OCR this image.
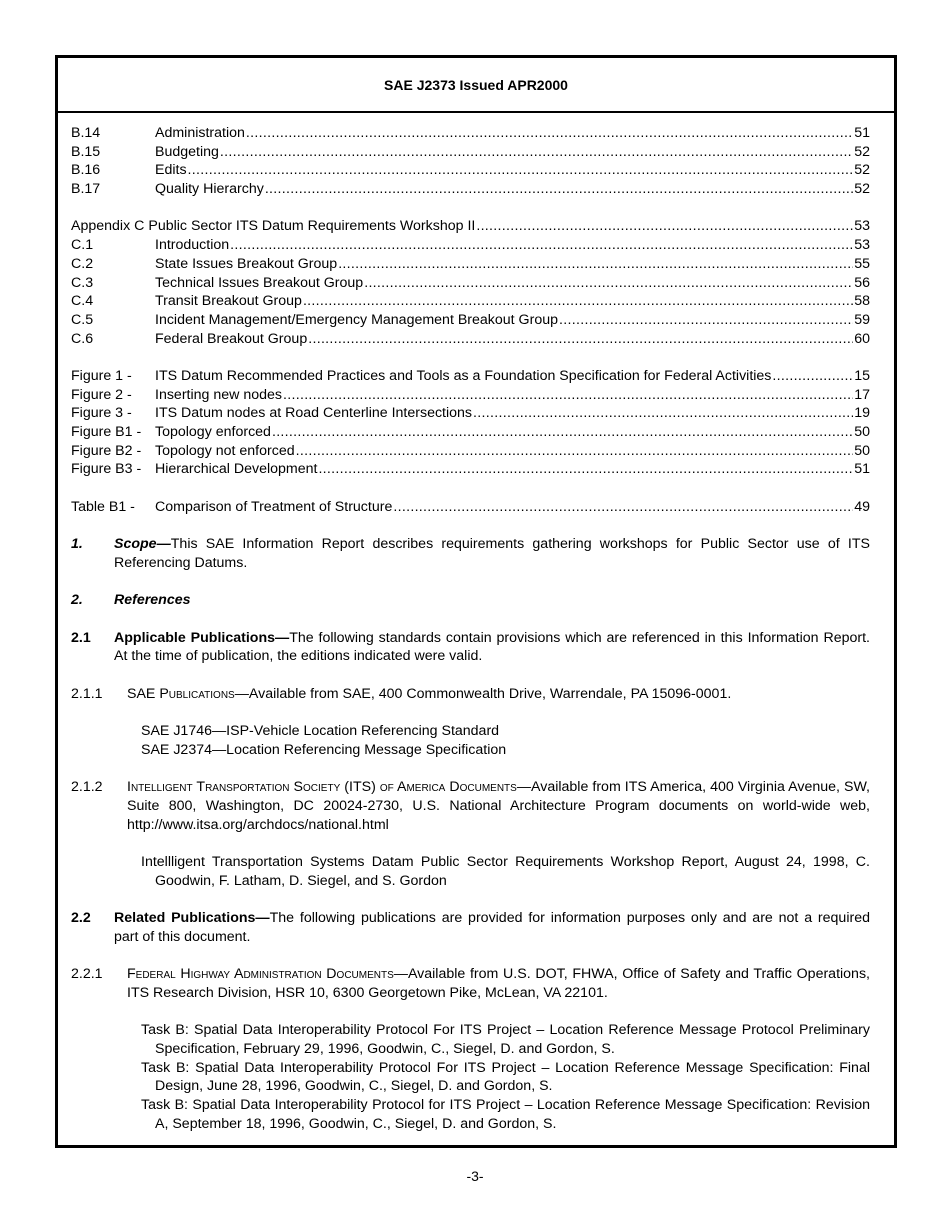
SAE J2373 Issued APR2000
B.14	Administration .....	51
B.15	Budgeting .....	52
B.16	Edits .....	52
B.17	Quality Hierarchy .....	52
Appendix C Public Sector ITS Datum Requirements Workshop II .....	53
C.1	Introduction .....	53
C.2	State Issues Breakout Group .....	55
C.3	Technical Issues Breakout Group .....	56
C.4	Transit Breakout Group .....	58
C.5	Incident Management/Emergency Management Breakout Group .....	59
C.6	Federal Breakout Group .....	60
Figure 1 -	ITS Datum Recommended Practices and Tools as a Foundation Specification for Federal Activities .....	15
Figure 2 -	Inserting new nodes .....	17
Figure 3 -	ITS Datum nodes at Road Centerline Intersections .....	19
Figure B1 - Topology enforced .....	50
Figure B2 - Topology not enforced .....	50
Figure B3 - Hierarchical Development .....	51
Table B1 -	Comparison of Treatment of Structure .....	49
1.	Scope—This SAE Information Report describes requirements gathering workshops for Public Sector use of ITS Referencing Datums.
2.	References
2.1	Applicable Publications—The following standards contain provisions which are referenced in this Information Report. At the time of publication, the editions indicated were valid.
2.1.1	SAE Publications—Available from SAE, 400 Commonwealth Drive, Warrendale, PA 15096-0001.
SAE J1746—ISP-Vehicle Location Referencing Standard
SAE J2374—Location Referencing Message Specification
2.1.2	Intelligent Transportation Society (ITS) of America Documents—Available from ITS America, 400 Virginia Avenue, SW, Suite 800, Washington, DC 20024-2730, U.S. National Architecture Program documents on world-wide web, http://www.itsa.org/archdocs/national.html
Intellligent Transportation Systems Datam Public Sector Requirements Workshop Report, August 24, 1998, C. Goodwin, F. Latham, D. Siegel, and S. Gordon
2.2	Related Publications—The following publications are provided for information purposes only and are not a required part of this document.
2.2.1	Federal Highway Administration Documents—Available from U.S. DOT, FHWA, Office of Safety and Traffic Operations, ITS Research Division, HSR 10, 6300 Georgetown Pike, McLean, VA 22101.
Task B: Spatial Data Interoperability Protocol For ITS Project – Location Reference Message Protocol Preliminary Specification, February 29, 1996, Goodwin, C., Siegel, D. and Gordon, S.
Task B: Spatial Data Interoperability Protocol For ITS Project – Location Reference Message Specification: Final Design, June 28, 1996, Goodwin, C., Siegel, D. and Gordon, S.
Task B: Spatial Data Interoperability Protocol for ITS Project – Location Reference Message Specification: Revision A, September 18, 1996, Goodwin, C., Siegel, D. and Gordon, S.
-3-
